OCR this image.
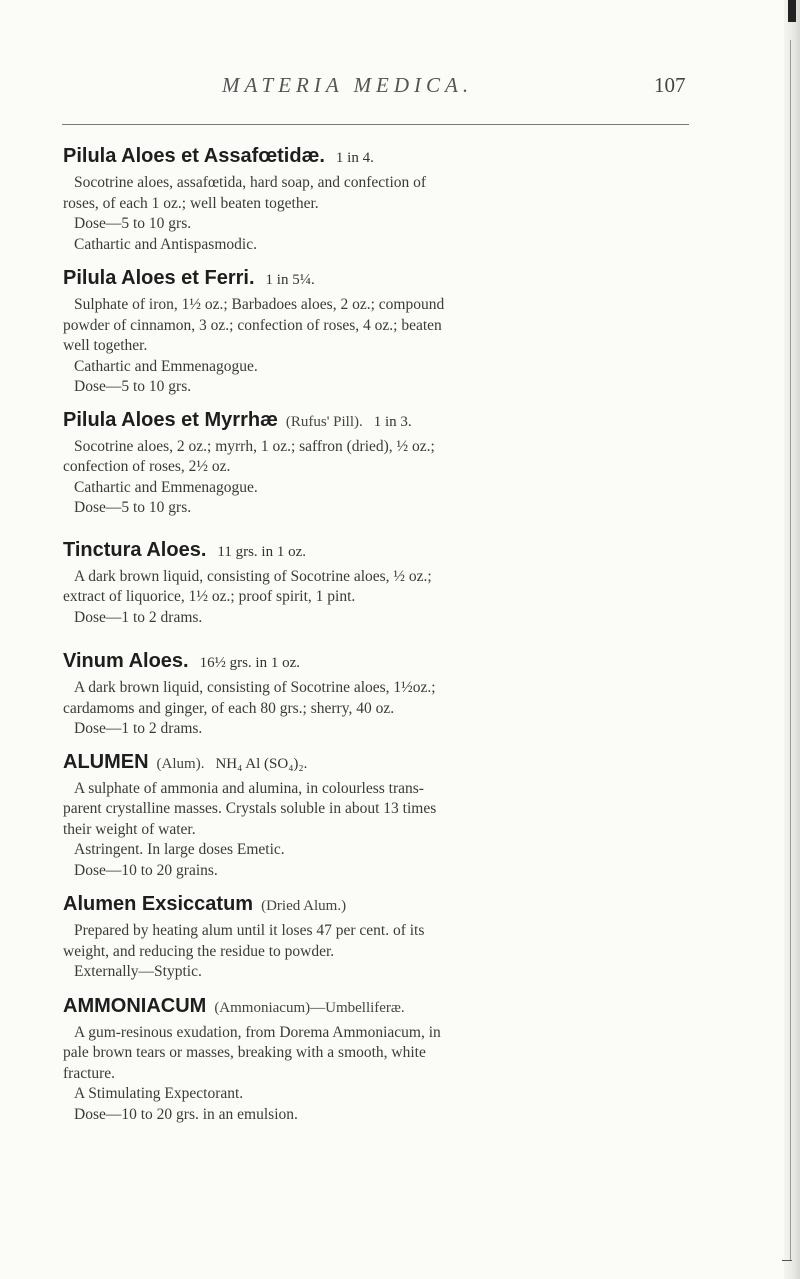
MATERIA MEDICA.	107

Pilula Aloes et Assafœtidæ. 1 in 4.

Socotrine aloes, assafœtida, hard soap, and confection of

roses, of each 1 oz.; well beaten together.

Dose—5 to 10 grs.

Cathartic and Antispasmodic.

Pilula Aloes et Ferri. 1 in 5¼.

Sulphate of iron, 1½ oz.; Barbadoes aloes, 2 oz.; compound

powder of cinnamon, 3 oz.; confection of roses, 4 oz.; beaten

well together.

Cathartic and Emmenagogue.

Dose—5 to 10 grs.

Pilula Aloes et Myrrhæ (Rufus' Pill). 1 in 3.

Socotrine aloes, 2 oz.; myrrh, 1 oz.; saffron (dried), ½ oz.;

confection of roses, 2½ oz.

Cathartic and Emmenagogue.

Dose—5 to 10 grs.

Tinctura Aloes. 11 grs. in 1 oz.

A dark brown liquid, consisting of Socotrine aloes, ½ oz.;

extract of liquorice, 1½ oz.; proof spirit, 1 pint.

Dose—1 to 2 drams.

Vinum Aloes. 16½ grs. in 1 oz.

A dark brown liquid, consisting of Socotrine aloes, 1½oz.;

cardamoms and ginger, of each 80 grs.; sherry, 40 oz.

Dose—1 to 2 drams.

ALUMEN (Alum). NH₄ Al (SO₄)₂.

A sulphate of ammonia and alumina, in colourless trans-

parent crystalline masses. Crystals soluble in about 13 times

their weight of water.

Astringent. In large doses Emetic.

Dose—10 to 20 grains.

Alumen Exsiccatum (Dried Alum.)

Prepared by heating alum until it loses 47 per cent. of its

weight, and reducing the residue to powder.

Externally—Styptic.

AMMONIACUM (Ammoniacum)—Umbelliferæ.

A gum-resinous exudation, from Dorema Ammoniacum, in

pale brown tears or masses, breaking with a smooth, white

fracture.

A Stimulating Expectorant.

Dose—10 to 20 grs. in an emulsion.
